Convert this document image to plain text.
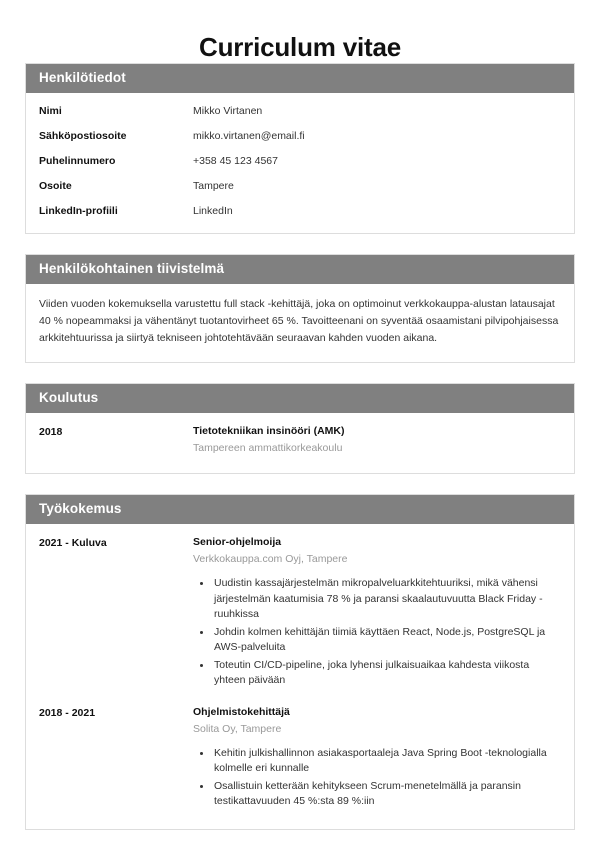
Curriculum vitae
Henkilötiedot
Nimi	Mikko Virtanen
Sähköpostiosoite	mikko.virtanen@email.fi
Puhelinnumero	+358 45 123 4567
Osoite	Tampere
LinkedIn-profiili	LinkedIn
Henkilökohtainen tiivistelmä

Viiden vuoden kokemuksella varustettu full stack -kehittäjä, joka on optimoinut verkkokauppa-alustan latausajat 40 % nopeammaksi ja vähentänyt tuotantovirheet 65 %. Tavoitteenani on syventää osaamistani pilvipohjaisessa arkkitehtuurissa ja siirtyä tekniseen johtotehtävään seuraavan kahden vuoden aikana.

Koulutus
2018	Tietotekniikan insinööri (AMK)
Tampereen ammattikorkeakoulu
Työkokemus
2021 - Kuluva	Senior-ohjelmoija
Verkkokauppa.com Oyj, Tampere
• Uudistin kassajärjestelmän mikropalveluarkkitehtuuriksi, mikä vähensi järjestelmän kaatumisia 78 % ja paransi skaalautuvuutta Black Friday -ruuhkissa
• Johdin kolmen kehittäjän tiimiä käyttäen React, Node.js, PostgreSQL ja AWS-palveluita
• Toteutin CI/CD-pipeline, joka lyhensi julkaisuaikaa kahdesta viikosta yhteen päivään
2018 - 2021	Ohjelmistokehittäjä
Solita Oy, Tampere
• Kehitin julkishallinnon asiakasportaaleja Java Spring Boot -teknologialla kolmelle eri kunnalle
• Osallistuin ketterään kehitykseen Scrum-menetelmällä ja paransin testikattavuuden 45 %:sta 89 %:iin
